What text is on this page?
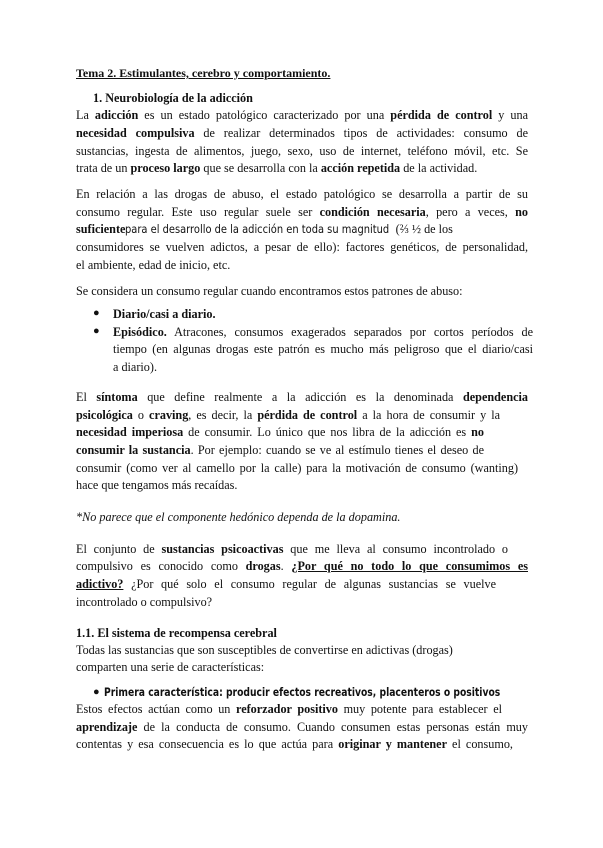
Tema 2. Estimulantes, cerebro y comportamiento.
1. Neurobiología de la adicción
La adicción es un estado patológico caracterizado por una pérdida de control y una
necesidad compulsiva de realizar determinados tipos de actividades: consumo de
sustancias, ingesta de alimentos, juego, sexo, uso de internet, teléfono móvil, etc. Se
trata de un proceso largo que se desarrolla con la acción repetida de la actividad.
En relación a las drogas de abuso, el estado patológico se desarrolla a partir de su
consumo regular. Este uso regular suele ser condición necesaria, pero a veces, no
suficientepara el desarrollo de la adicción en toda su magnitud (⅔ ½ de los
consumidores se vuelven adictos, a pesar de ello): factores genéticos, de personalidad,
el ambiente, edad de inicio, etc.
Se considera un consumo regular cuando encontramos estos patrones de abuso:
● Diario/casi a diario.
● Episódico. Atracones, consumos exagerados separados por cortos períodos de
tiempo (en algunas drogas este patrón es mucho más peligroso que el diario/casi
a diario).
El síntoma que define realmente a la adicción es la denominada dependencia
psicológica o craving, es decir, la pérdida de control a la hora de consumir y la
necesidad imperiosa de consumir. Lo único que nos libra de la adicción es no
consumir la sustancia. Por ejemplo: cuando se ve al estímulo tienes el deseo de
consumir (como ver al camello por la calle) para la motivación de consumo (wanting)
hace que tengamos más recaídas.
*No parece que el componente hedónico dependa de la dopamina.
El conjunto de sustancias psicoactivas que me lleva al consumo incontrolado o
compulsivo es conocido como drogas. ¿Por qué no todo lo que consumimos es
adictivo? ¿Por qué solo el consumo regular de algunas sustancias se vuelve
incontrolado o compulsivo?
1.1. El sistema de recompensa cerebral
Todas las sustancias que son susceptibles de convertirse en adictivas (drogas)
comparten una serie de características:
● Primera característica: producir efectos recreativos, placenteros o positivos
Estos efectos actúan como un reforzador positivo muy potente para establecer el
aprendizaje de la conducta de consumo. Cuando consumen estas personas están muy
contentas y esa consecuencia es lo que actúa para originar y mantener el consumo,
